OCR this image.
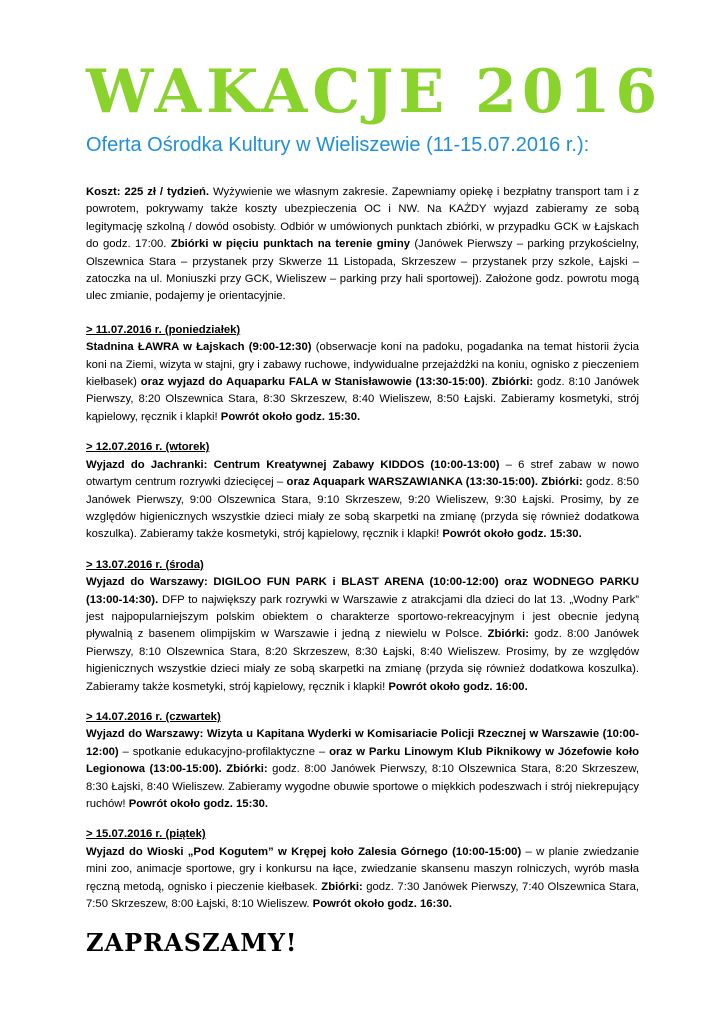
WAKACJE 2016
Oferta Ośrodka Kultury w Wieliszewie (11-15.07.2016 r.):

Koszt: 225 zł / tydzień. Wyżywienie we własnym zakresie. Zapewniamy opiekę i bezpłatny transport tam i z powrotem, pokrywamy także koszty ubezpieczenia OC i NW. Na KAŻDY wyjazd zabieramy ze sobą legitymację szkolną / dowód osobisty. Odbiór w umówionych punktach zbiórki, w przypadku GCK w Łajskach do godz. 17:00. Zbiórki w pięciu punktach na terenie gminy (Janówek Pierwszy – parking przykościelny, Olszewnica Stara – przystanek przy Skwerze 11 Listopada, Skrzeszew – przystanek przy szkole, Łajski – zatoczka na ul. Moniuszki przy GCK, Wieliszew – parking przy hali sportowej). Założone godz. powrotu mogą ulec zmianie, podajemy je orientacyjnie.

> 11.07.2016 r. (poniedziałek)
Stadnina ŁAWRA w Łajskach (9:00-12:30) (obserwacje koni na padoku, pogadanka na temat historii życia koni na Ziemi, wizyta w stajni, gry i zabawy ruchowe, indywidualne przejażdżki na koniu, ognisko z pieczeniem kiełbasek) oraz wyjazd do Aquaparku FALA w Stanisławowie (13:30-15:00). Zbiórki: godz. 8:10 Janówek Pierwszy, 8:20 Olszewnica Stara, 8:30 Skrzeszew, 8:40 Wieliszew, 8:50 Łajski. Zabieramy kosmetyki, strój kąpielowy, ręcznik i klapki! Powrót około godz. 15:30.
> 12.07.2016 r. (wtorek)
Wyjazd do Jachranki: Centrum Kreatywnej Zabawy KIDDOS (10:00-13:00) – 6 stref zabaw w nowo otwartym centrum rozrywki dziecięcej – oraz Aquapark WARSZAWIANKA (13:30-15:00). Zbiórki: godz. 8:50 Janówek Pierwszy, 9:00 Olszewnica Stara, 9:10 Skrzeszew, 9:20 Wieliszew, 9:30 Łajski. Prosimy, by ze względów higienicznych wszystkie dzieci miały ze sobą skarpetki na zmianę (przyda się również dodatkowa koszulka). Zabieramy także kosmetyki, strój kąpielowy, ręcznik i klapki! Powrót około godz. 15:30.
> 13.07.2016 r. (środa)
Wyjazd do Warszawy: DIGILOO FUN PARK i BLAST ARENA (10:00-12:00) oraz WODNEGO PARKU (13:00-14:30). DFP to największy park rozrywki w Warszawie z atrakcjami dla dzieci do lat 13. „Wodny Park” jest najpopularniejszym polskim obiektem o charakterze sportowo-rekreacyjnym i jest obecnie jedyną pływalnią z basenem olimpijskim w Warszawie i jedną z niewielu w Polsce. Zbiórki: godz. 8:00 Janówek Pierwszy, 8:10 Olszewnica Stara, 8:20 Skrzeszew, 8:30 Łajski, 8:40 Wieliszew. Prosimy, by ze względów higienicznych wszystkie dzieci miały ze sobą skarpetki na zmianę (przyda się również dodatkowa koszulka). Zabieramy także kosmetyki, strój kąpielowy, ręcznik i klapki! Powrót około godz. 16:00.
> 14.07.2016 r. (czwartek)
Wyjazd do Warszawy: Wizyta u Kapitana Wyderki w Komisariacie Policji Rzecznej w Warszawie (10:00-12:00) – spotkanie edukacyjno-profilaktyczne – oraz w Parku Linowym Klub Piknikowy w Józefowie koło Legionowa (13:00-15:00). Zbiórki: godz. 8:00 Janówek Pierwszy, 8:10 Olszewnica Stara, 8:20 Skrzeszew, 8:30 Łajski, 8:40 Wieliszew. Zabieramy wygodne obuwie sportowe o miękkich podeszwach i strój niekrepujący ruchów! Powrót około godz. 15:30.
> 15.07.2016 r. (piątek)
Wyjazd do Wioski „Pod Kogutem” w Krępej koło Zalesia Górnego (10:00-15:00) – w planie zwiedzanie mini zoo, animacje sportowe, gry i konkursu na łące, zwiedzanie skansenu maszyn rolniczych, wyrób masła ręczną metodą, ognisko i pieczenie kiełbasek. Zbiórki: godz. 7:30 Janówek Pierwszy, 7:40 Olszewnica Stara, 7:50 Skrzeszew, 8:00 Łajski, 8:10 Wieliszew. Powrót około godz. 16:30.
ZAPRASZAMY!
